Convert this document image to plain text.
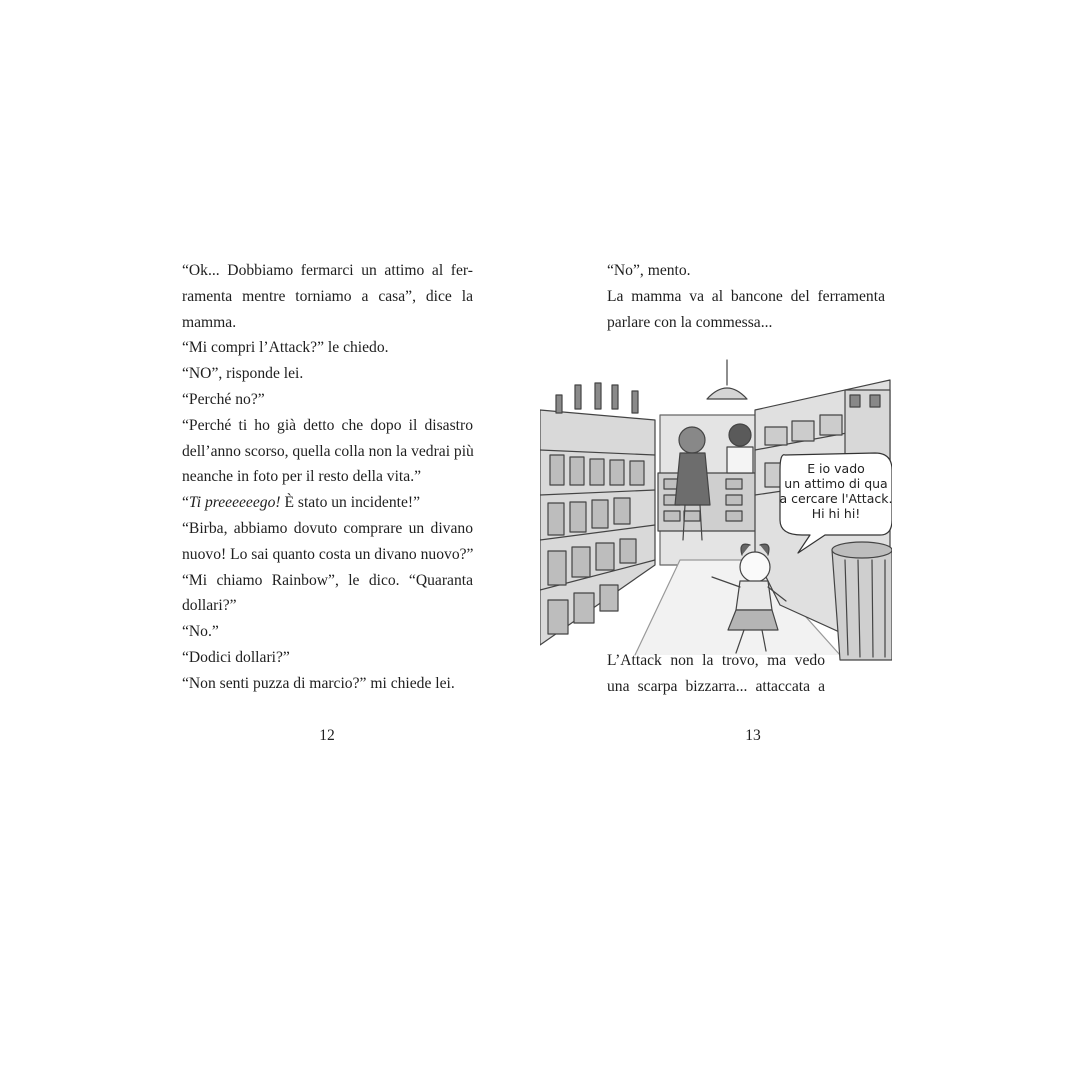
“Ok... Dobbiamo fermarci un attimo al fer-
ramenta mentre torniamo a casa”, dice la
mamma.
“Mi compri l’Attack?” le chiedo.
“NO”, risponde lei.
“Perché no?”
“Perché ti ho già detto che dopo il disastro
dell’anno scorso, quella colla non la vedrai più
neanche in foto per il resto della vita.”
“Ti preeeeeego! È stato un incidente!”
“Birba, abbiamo dovuto comprare un divano
nuovo! Lo sai quanto costa un divano nuovo?”
“Mi chiamo Rainbow”, le dico. “Quaranta
dollari?”
“No.”
“Dodici dollari?”
“Non senti puzza di marcio?” mi chiede lei.
12
“No”, mento.
La mamma va al bancone del ferramenta
parlare con la commessa...
E io vado
un attimo di qua
a cercare l'Attack.
Hi hi hi!
L’Attack non la trovo, ma vedo
una scarpa bizzarra... attaccata a
13
